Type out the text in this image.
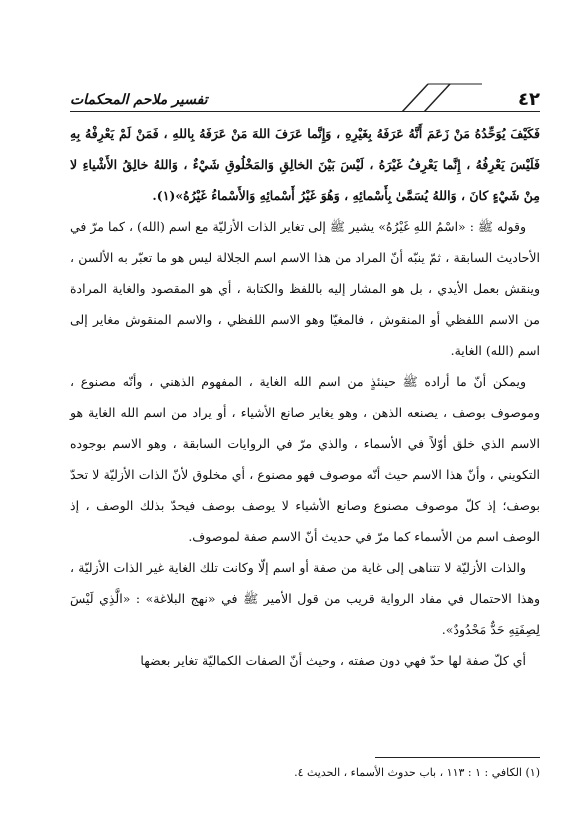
تفسير ملاحم المحكمات	٤٢

فَكَيْفَ يُوَحِّدُهُ مَنْ زَعَمَ أَنَّهُ عَرَفَهُ بِغَيْرِهِ ، وَإِنَّما عَرَفَ اللهَ مَنْ عَرَفَهُ بِاللهِ ، فَمَنْ لَمْ يَعْرِفْهُ بِهِ فَلَيْسَ يَعْرِفُهُ ، إِنَّما يَعْرِفُ غَيْرَهُ ، لَيْسَ بَيْنَ الخالِقِ وَالمَخْلُوقِ شَيْءٌ ، وَاللهُ خالِقُ الأَشْياءِ لا مِنْ شَيْءٍ كانَ ، وَاللهُ يُسَمَّىٰ بِأَسْمائِهِ ، وَهُوَ غَيْرُ أَسْمائِهِ وَالأَسْماءُ غَيْرُهُ»(١).

وقوله ﷺ : «اسْمُ اللهِ غَيْرُهُ» يشير ﷺ إلى تغاير الذات الأزليّة مع اسم (الله) ، كما مرّ في الأحاديث السابقة ، ثمّ ينبّه أنّ المراد من هذا الاسم اسم الجلالة ليس هو ما تعبّر به الألسن ، وينقش بعمل الأيدي ، بل هو المشار إليه باللفظ والكتابة ، أي هو المقصود والغاية المرادة من الاسم اللفظي أو المنقوش ، فالمغيّا وهو الاسم اللفظي ، والاسم المنقوش مغاير إلى اسم (الله) الغاية.

ويمكن أنّ ما أراده ﷺ حينئذٍ من اسم الله الغاية ، المفهوم الذهني ، وأنّه مصنوع ، وموصوف بوصف ، يصنعه الذهن ، وهو يغاير صانع الأشياء ، أو يراد من اسم الله الغاية هو الاسم الذي خلق أوّلاً في الأسماء ، والذي مرّ في الروايات السابقة ، وهو الاسم بوجوده التكويني ، وأنّ هذا الاسم حيث أنّه موصوف فهو مصنوع ، أي مخلوق لأنّ الذات الأزليّة لا تحدّ بوصف؛ إذ كلّ موصوف مصنوع وصانع الأشياء لا يوصف بوصف فيحدّ بذلك الوصف ، إذ الوصف اسم من الأسماء كما مرّ في حديث أنّ الاسم صفة لموصوف.

والذات الأزليّة لا تتناهى إلى غاية من صفة أو اسم إلّا وكانت تلك الغاية غير الذات الأزليّة ، وهذا الاحتمال في مفاد الرواية قريب من قول الأمير ﷺ في «نهج البلاغة» : «الَّذِي لَيْسَ لِصِفَتِهِ حَدٌّ مَحْدُودٌ».

أي كلّ صفة لها حدّ فهي دون صفته ، وحيث أنّ الصفات الكماليّة تغاير بعضها

(١) الكافي : ١ : ١١٣ ، باب حدوث الأسماء ، الحديث ٤.
